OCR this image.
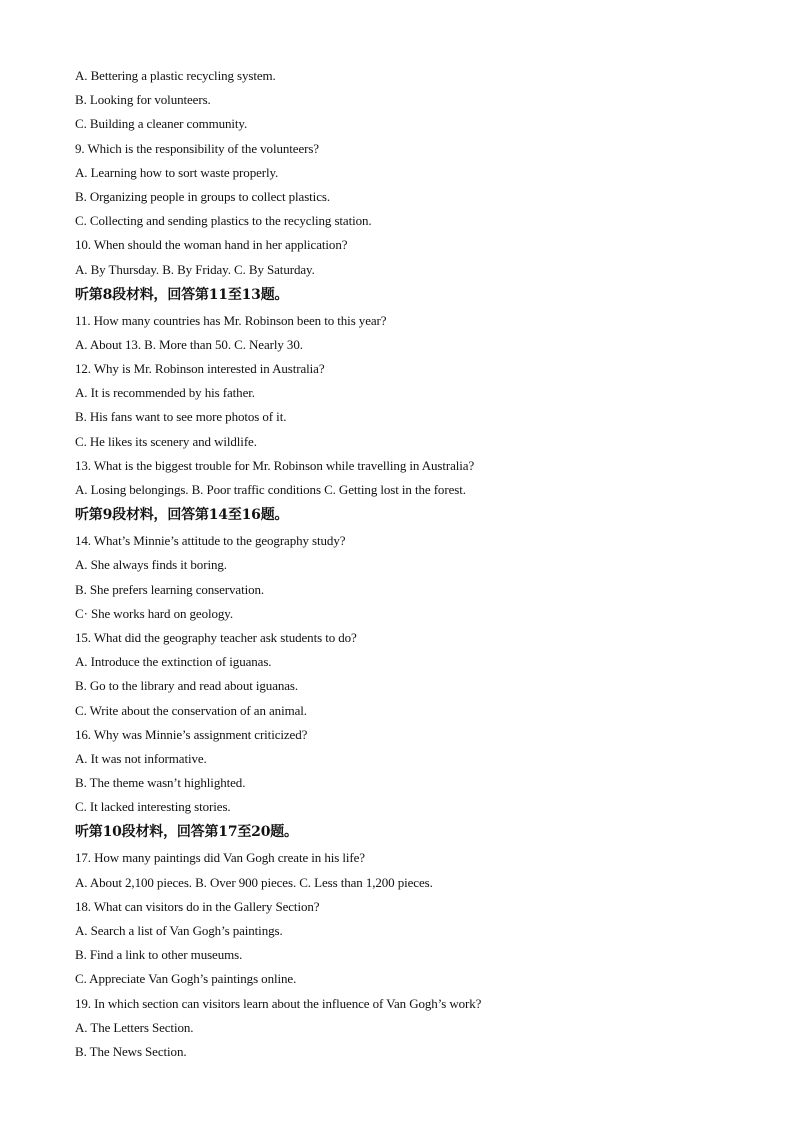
A. Bettering a plastic recycling system.
B. Looking for volunteers.
C. Building a cleaner community.
9. Which is the responsibility of the volunteers?
A. Learning how to sort waste properly.
B. Organizing people in groups to collect plastics.
C. Collecting and sending plastics to the recycling station.
10. When should the woman hand in her application?
A. By Thursday. B. By Friday. C. By Saturday.
听第8段材料，回答第11至13题。
11. How many countries has Mr. Robinson been to this year?
A. About 13. B. More than 50. C. Nearly 30.
12. Why is Mr. Robinson interested in Australia?
A. It is recommended by his father.
B. His fans want to see more photos of it.
C. He likes its scenery and wildlife.
13. What is the biggest trouble for Mr. Robinson while travelling in Australia?
A. Losing belongings. B. Poor traffic conditions C. Getting lost in the forest.
听第9段材料，回答第14至16题。
14. What’s Minnie’s attitude to the geography study?
A. She always finds it boring.
B. She prefers learning conservation.
C· She works hard on geology.
15. What did the geography teacher ask students to do?
A. Introduce the extinction of iguanas.
B. Go to the library and read about iguanas.
C. Write about the conservation of an animal.
16. Why was Minnie’s assignment criticized?
A. It was not informative.
B. The theme wasn’t highlighted.
C. It lacked interesting stories.
听第10段材料，回答第17至20题。
17. How many paintings did Van Gogh create in his life?
A. About 2,100 pieces. B. Over 900 pieces. C. Less than 1,200 pieces.
18. What can visitors do in the Gallery Section?
A. Search a list of Van Gogh’s paintings.
B. Find a link to other museums.
C. Appreciate Van Gogh’s paintings online.
19. In which section can visitors learn about the influence of Van Gogh’s work?
A. The Letters Section.
B. The News Section.
